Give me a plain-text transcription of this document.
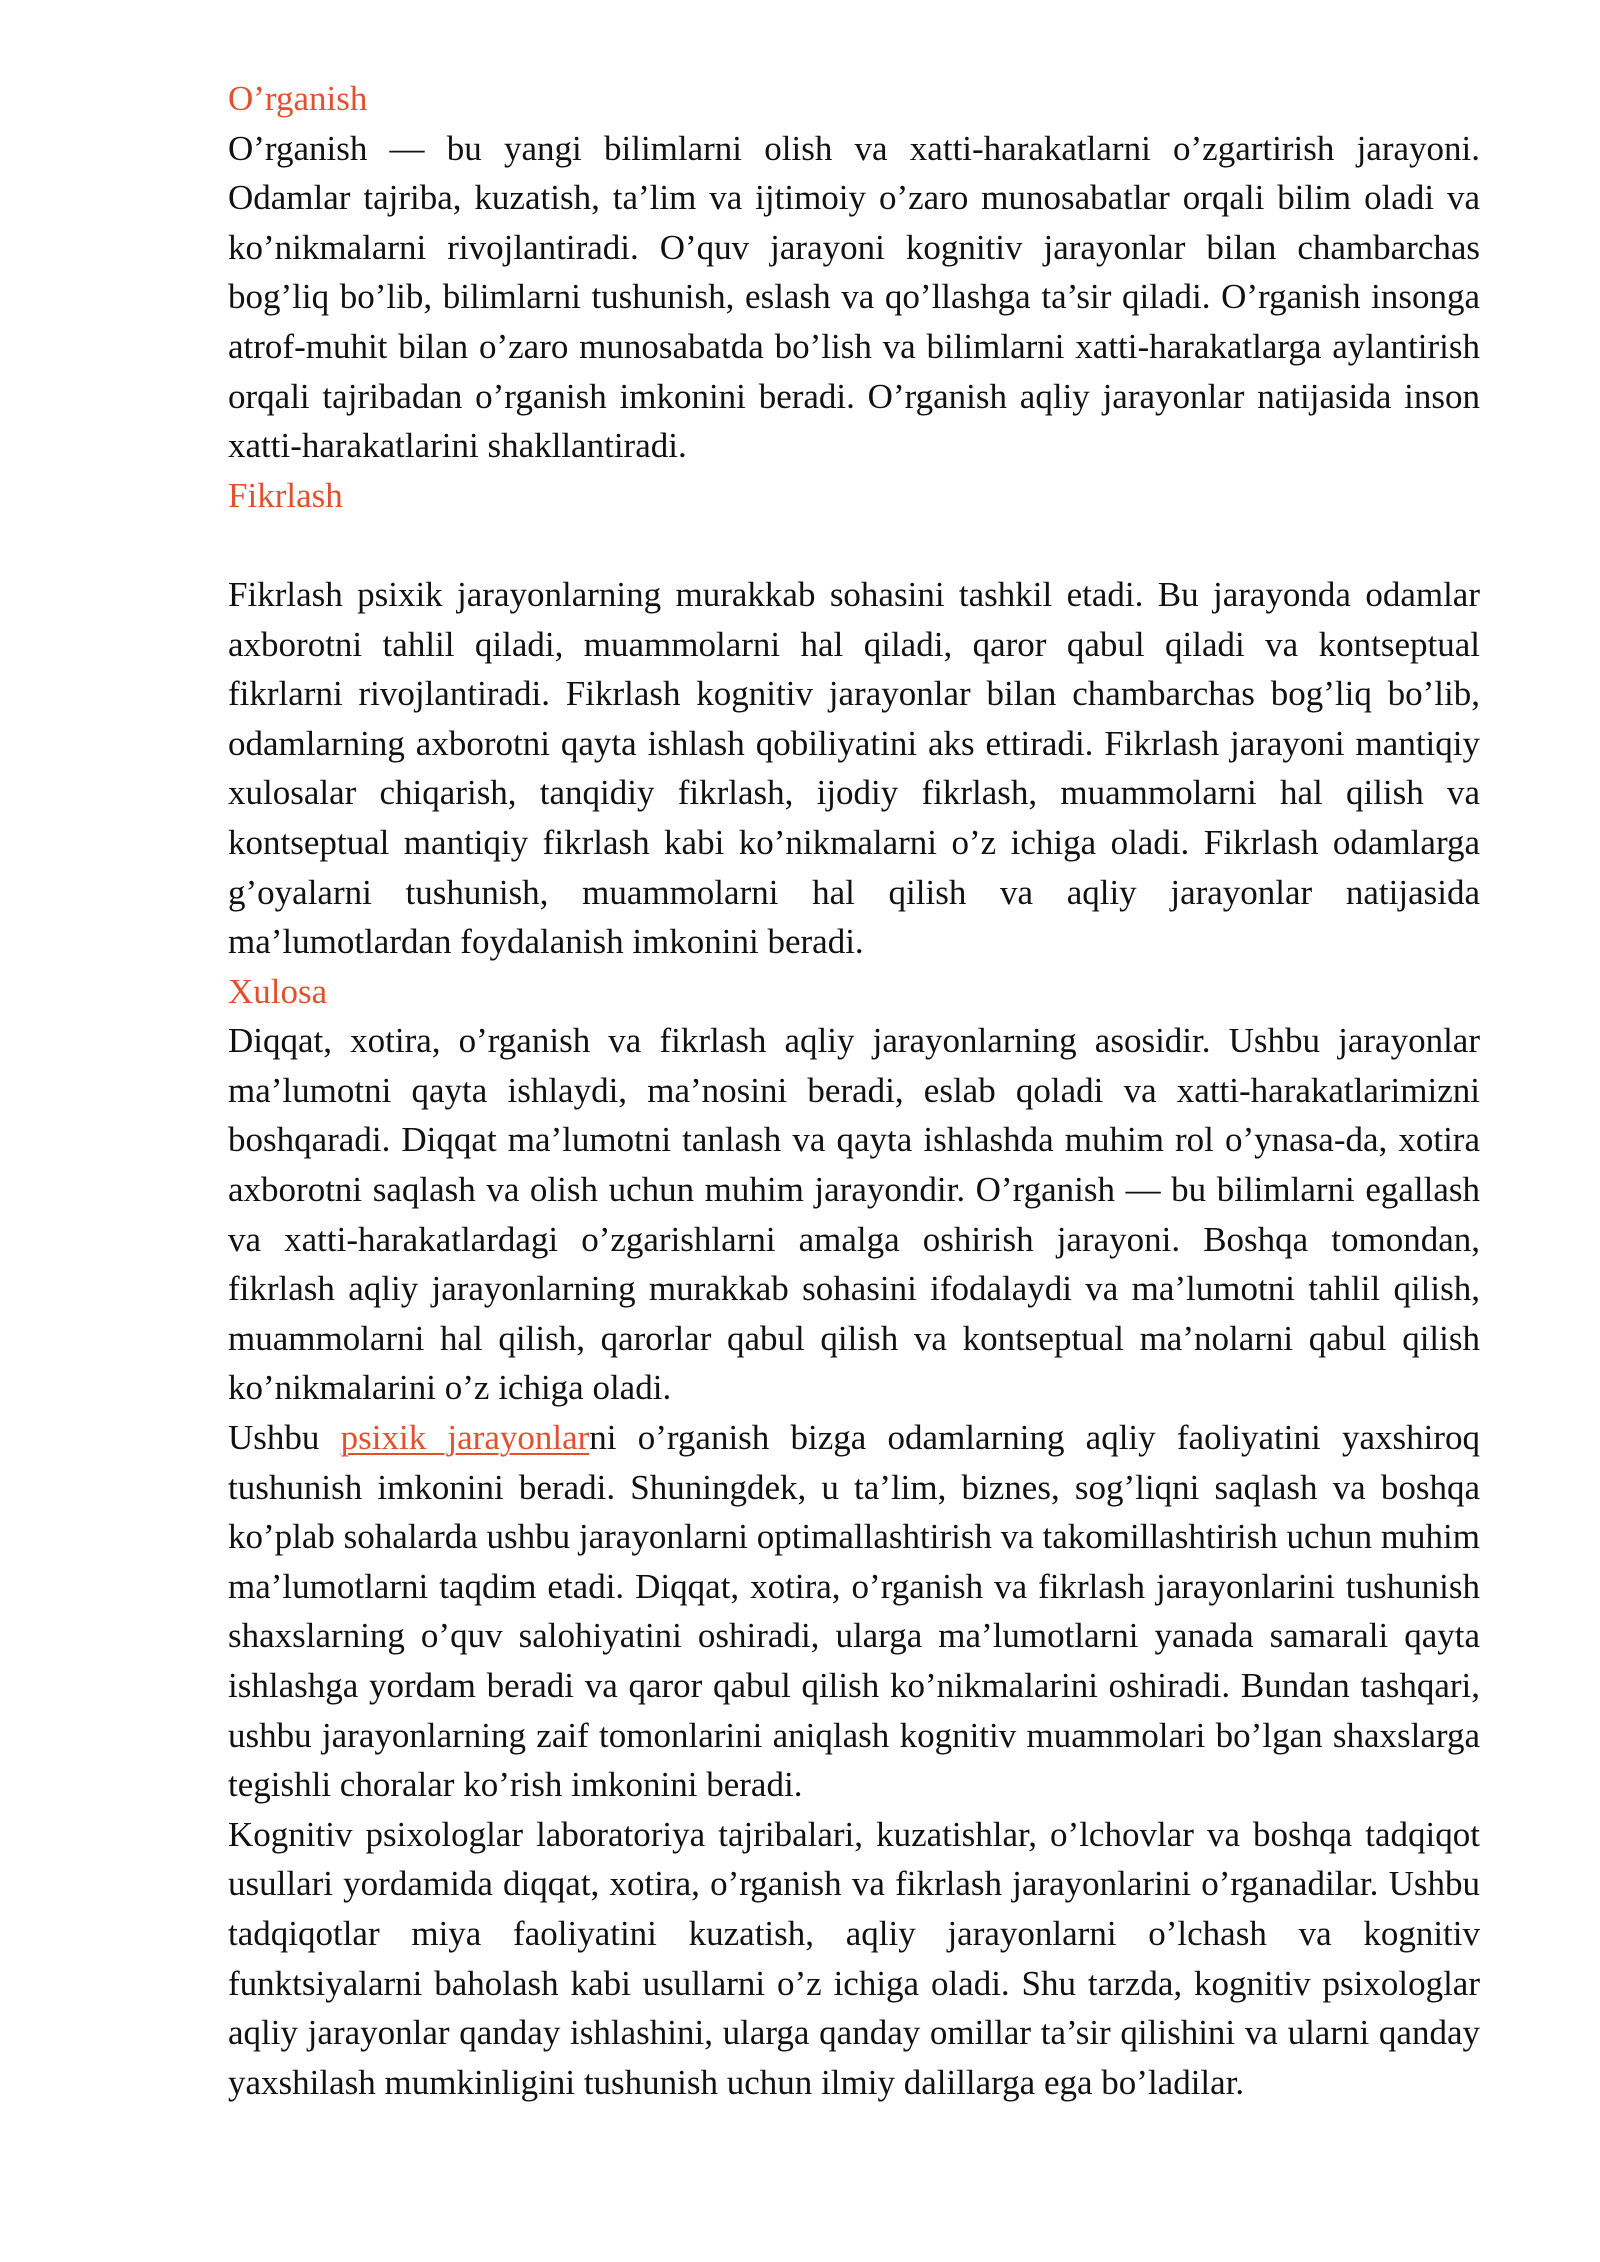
O’rganish

O’rganish — bu yangi bilimlarni olish va xatti-harakatlarni o’zgartirish jarayoni. Odamlar tajriba, kuzatish, ta’lim va ijtimoiy o’zaro munosabatlar orqali bilim oladi va ko’nikmalarni rivojlantiradi. O’quv jarayoni kognitiv jarayonlar bilan chambarchas bog’liq bo’lib, bilimlarni tushunish, eslash va qo’llashga ta’sir qiladi. O’rganish insonga atrof-muhit bilan o’zaro munosabatda bo’lish va bilimlarni xatti-harakatlarga aylantirish orqali tajribadan o’rganish imkonini beradi. O’rganish aqliy jarayonlar natijasida inson xatti-harakatlarini shakllantiradi.

Fikrlash

Fikrlash psixik jarayonlarning murakkab sohasini tashkil etadi. Bu jarayonda odamlar axborotni tahlil qiladi, muammolarni hal qiladi, qaror qabul qiladi va kontseptual fikrlarni rivojlantiradi. Fikrlash kognitiv jarayonlar bilan chambarchas bog’liq bo’lib, odamlarning axborotni qayta ishlash qobiliyatini aks ettiradi. Fikrlash jarayoni mantiqiy xulosalar chiqarish, tanqidiy fikrlash, ijodiy fikrlash, muammolarni hal qilish va kontseptual mantiqiy fikrlash kabi ko’nikmalarni o’z ichiga oladi. Fikrlash odamlarga g’oyalarni tushunish, muammolarni hal qilish va aqliy jarayonlar natijasida ma’lumotlardan foydalanish imkonini beradi.

Xulosa

Diqqat, xotira, o’rganish va fikrlash aqliy jarayonlarning asosidir. Ushbu jarayonlar ma’lumotni qayta ishlaydi, ma’nosini beradi, eslab qoladi va xatti-harakatlarimizni boshqaradi. Diqqat ma’lumotni tanlash va qayta ishlashda muhim rol o’ynasa-da, xotira axborotni saqlash va olish uchun muhim jarayondir. O’rganish — bu bilimlarni egallash va xatti-harakatlardagi o’zgarishlarni amalga oshirish jarayoni. Boshqa tomondan, fikrlash aqliy jarayonlarning murakkab sohasini ifodalaydi va ma’lumotni tahlil qilish, muammolarni hal qilish, qarorlar qabul qilish va kontseptual ma’nolarni qabul qilish ko’nikmalarini o’z ichiga oladi.

Ushbu psixik jarayonlarni o’rganish bizga odamlarning aqliy faoliyatini yaxshiroq tushunish imkonini beradi. Shuningdek, u ta’lim, biznes, sog’liqni saqlash va boshqa ko’plab sohalarda ushbu jarayonlarni optimallashtirish va takomillashtirish uchun muhim ma’lumotlarni taqdim etadi. Diqqat, xotira, o’rganish va fikrlash jarayonlarini tushunish shaxslarning o’quv salohiyatini oshiradi, ularga ma’lumotlarni yanada samarali qayta ishlashga yordam beradi va qaror qabul qilish ko’nikmalarini oshiradi. Bundan tashqari, ushbu jarayonlarning zaif tomonlarini aniqlash kognitiv muammolari bo’lgan shaxslarga tegishli choralar ko’rish imkonini beradi.

Kognitiv psixologlar laboratoriya tajribalari, kuzatishlar, o’lchovlar va boshqa tadqiqot usullari yordamida diqqat, xotira, o’rganish va fikrlash jarayonlarini o’rganadilar. Ushbu tadqiqotlar miya faoliyatini kuzatish, aqliy jarayonlarni o’lchash va kognitiv funktsiyalarni baholash kabi usullarni o’z ichiga oladi. Shu tarzda, kognitiv psixologlar aqliy jarayonlar qanday ishlashini, ularga qanday omillar ta’sir qilishini va ularni qanday yaxshilash mumkinligini tushunish uchun ilmiy dalillarga ega bo’ladilar.
